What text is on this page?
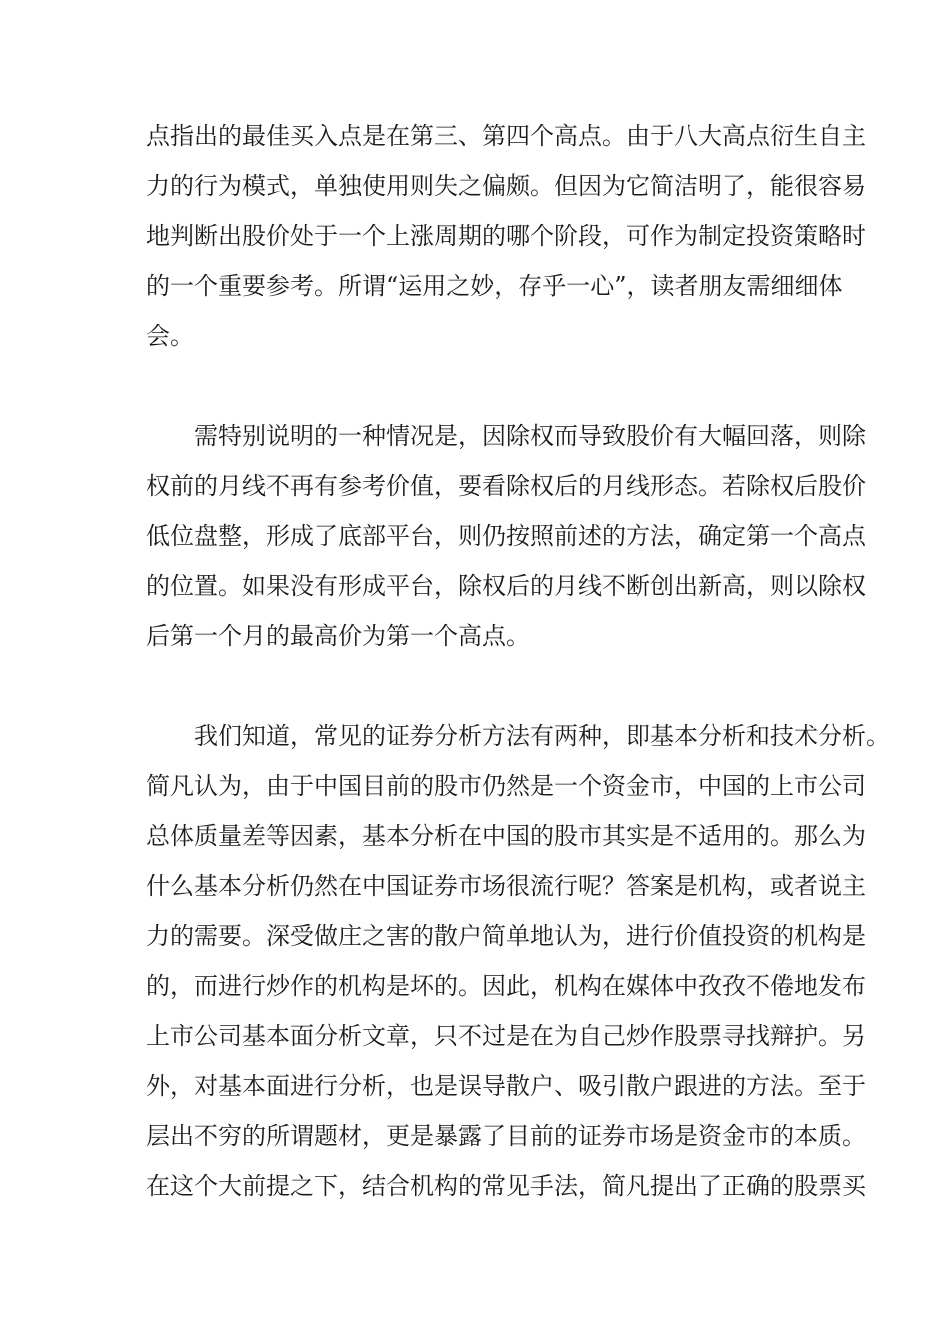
点指出的最佳买入点是在第三、第四个高点。由于八大高点衍生自主
力的行为模式，单独使用则失之偏颇。但因为它简洁明了，能很容易
地判断出股价处于一个上涨周期的哪个阶段，可作为制定投资策略时
的一个重要参考。所谓“运用之妙，存乎一心”，读者朋友需细细体
会。
需特别说明的一种情况是，因除权而导致股价有大幅回落，则除
权前的月线不再有参考价值，要看除权后的月线形态。若除权后股价
低位盘整，形成了底部平台，则仍按照前述的方法，确定第一个高点
的位置。如果没有形成平台，除权后的月线不断创出新高，则以除权
后第一个月的最高价为第一个高点。
我们知道，常见的证券分析方法有两种，即基本分析和技术分析。
简凡认为，由于中国目前的股市仍然是一个资金市，中国的上市公司
总体质量差等因素，基本分析在中国的股市其实是不适用的。那么为
什么基本分析仍然在中国证券市场很流行呢？答案是机构，或者说主
力的需要。深受做庄之害的散户简单地认为，进行价值投资的机构是
的，而进行炒作的机构是坏的。因此，机构在媒体中孜孜不倦地发布
上市公司基本面分析文章，只不过是在为自己炒作股票寻找辩护。另
外，对基本面进行分析，也是误导散户、吸引散户跟进的方法。至于
层出不穷的所谓题材，更是暴露了目前的证券市场是资金市的本质。
在这个大前提之下，结合机构的常见手法，简凡提出了正确的股票买
